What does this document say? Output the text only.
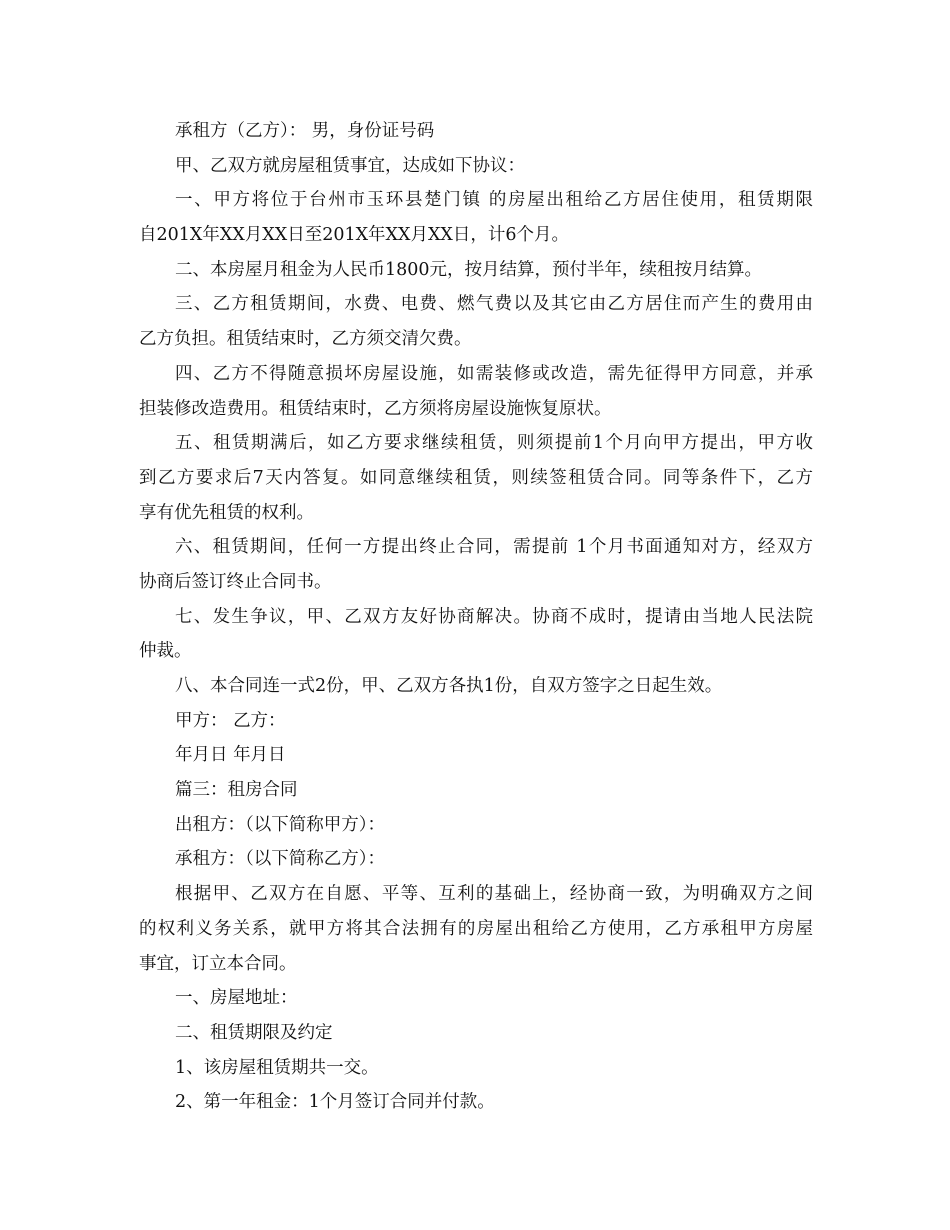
承租方（乙方）： 男，身份证号码
甲、乙双方就房屋租赁事宜，达成如下协议：
一、甲方将位于台州市玉环县楚门镇 的房屋出租给乙方居住使用，租赁期限
自201X年XX月XX日至201X年XX月XX日，计6个月。
二、本房屋月租金为人民币1800元，按月结算，预付半年，续租按月结算。
三、乙方租赁期间，水费、电费、燃气费以及其它由乙方居住而产生的费用由
乙方负担。租赁结束时，乙方须交清欠费。
四、乙方不得随意损坏房屋设施，如需装修或改造，需先征得甲方同意，并承
担装修改造费用。租赁结束时，乙方须将房屋设施恢复原状。
五、租赁期满后，如乙方要求继续租赁，则须提前1个月向甲方提出，甲方收
到乙方要求后7天内答复。如同意继续租赁，则续签租赁合同。同等条件下，乙方
享有优先租赁的权利。
六、租赁期间，任何一方提出终止合同，需提前 1个月书面通知对方，经双方
协商后签订终止合同书。
七、发生争议，甲、乙双方友好协商解决。协商不成时，提请由当地人民法院
仲裁。
八、本合同连一式2份，甲、乙双方各执1份，自双方签字之日起生效。
甲方： 乙方：
年月日 年月日
篇三：租房合同
出租方：（以下简称甲方）：
承租方：（以下简称乙方）：
根据甲、乙双方在自愿、平等、互利的基础上，经协商一致，为明确双方之间
的权利义务关系，就甲方将其合法拥有的房屋出租给乙方使用，乙方承租甲方房屋
事宜，订立本合同。
一、房屋地址：
二、租赁期限及约定
1、该房屋租赁期共一交。
2、第一年租金：1个月签订合同并付款。
